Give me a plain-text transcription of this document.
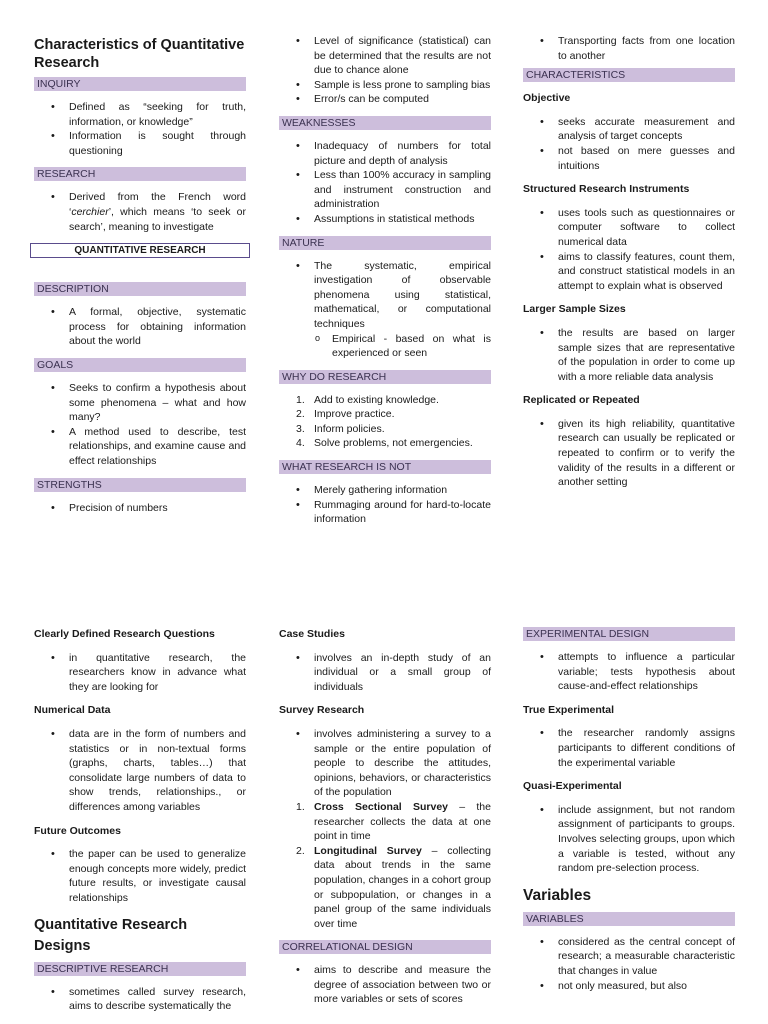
Characteristics of Quantitative Research
INQUIRY
• Defined as “seeking for truth, information, or knowledge”
• Information is sought through questioning
RESEARCH
• Derived from the French word ‘cerchier’, which means ‘to seek or search’, meaning to investigate
QUANTITATIVE RESEARCH
DESCRIPTION
• A formal, objective, systematic process for obtaining information about the world
GOALS
• Seeks to confirm a hypothesis about some phenomena – what and how many?
• A method used to describe, test relationships, and examine cause and effect relationships
STRENGTHS
• Precision of numbers
• Level of significance (statistical) can be determined that the results are not due to chance alone
• Sample is less prone to sampling bias
• Error/s can be computed
WEAKNESSES
• Inadequacy of numbers for total picture and depth of analysis
• Less than 100% accuracy in sampling and instrument construction and administration
• Assumptions in statistical methods
NATURE
• The systematic, empirical investigation of observable phenomena using statistical, mathematical, or computational techniques
o Empirical - based on what is experienced or seen
WHY DO RESEARCH
1. Add to existing knowledge.
2. Improve practice.
3. Inform policies.
4. Solve problems, not emergencies.
WHAT RESEARCH IS NOT
• Merely gathering information
• Rummaging around for hard-to-locate information
• Transporting facts from one location to another
CHARACTERISTICS
Objective
• seeks accurate measurement and analysis of target concepts
• not based on mere guesses and intuitions
Structured Research Instruments
• uses tools such as questionnaires or computer software to collect numerical data
• aims to classify features, count them, and construct statistical models in an attempt to explain what is observed
Larger Sample Sizes
• the results are based on larger sample sizes that are representative of the population in order to come up with a more reliable data analysis
Replicated or Repeated
• given its high reliability, quantitative research can usually be replicated or repeated to confirm or to verify the validity of the results in a different or another setting
Clearly Defined Research Questions
• in quantitative research, the researchers know in advance what they are looking for
Numerical Data
• data are in the form of numbers and statistics or in non-textual forms (graphs, charts, tables…) that consolidate large numbers of data to show trends, relationships., or differences among variables
Future Outcomes
• the paper can be used to generalize enough concepts more widely, predict future results, or investigate causal relationships
Quantitative Research Designs
DESCRIPTIVE RESEARCH
• sometimes called survey research, aims to describe systematically the
Case Studies
• involves an in-depth study of an individual or a small group of individuals
Survey Research
• involves administering a survey to a sample or the entire population of people to describe the attitudes, opinions, behaviors, or characteristics of the population
1. Cross Sectional Survey – the researcher collects the data at one point in time
2. Longitudinal Survey – collecting data about trends in the same population, changes in a cohort group or subpopulation, or changes in a panel group of the same individuals over time
CORRELATIONAL DESIGN
• aims to describe and measure the degree of association between two or more variables or sets of scores
EXPERIMENTAL DESIGN
• attempts to influence a particular variable; tests hypothesis about cause-and-effect relationships
True Experimental
• the researcher randomly assigns participants to different conditions of the experimental variable
Quasi-Experimental
• include assignment, but not random assignment of participants to groups. Involves selecting groups, upon which a variable is tested, without any random pre-selection process.
Variables
VARIABLES
• considered as the central concept of research; a measurable characteristic that changes in value
• not only measured, but also
